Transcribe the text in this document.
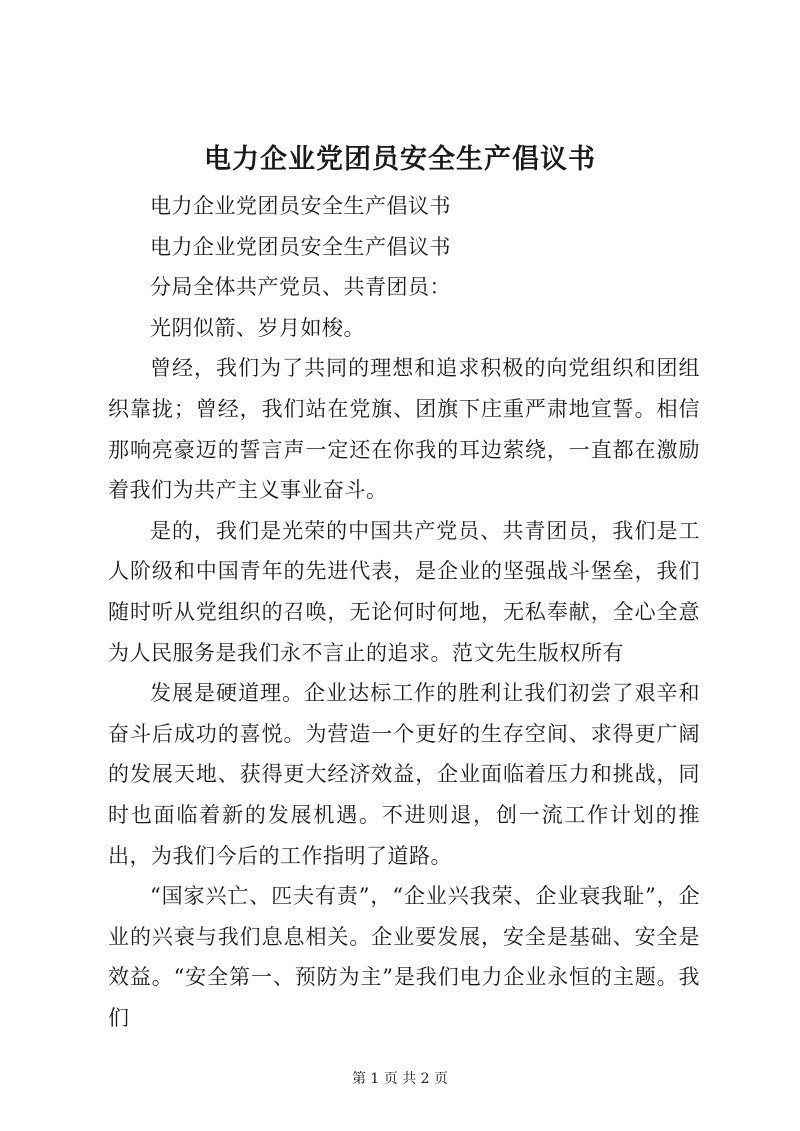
电力企业党团员安全生产倡议书

电力企业党团员安全生产倡议书

电力企业党团员安全生产倡议书

分局全体共产党员、共青团员：

光阴似箭、岁月如梭。

曾经，我们为了共同的理想和追求积极的向党组织和团组织靠拢；曾经，我们站在党旗、团旗下庄重严肃地宣誓。相信那响亮豪迈的誓言声一定还在你我的耳边萦绕，一直都在激励着我们为共产主义事业奋斗。

是的，我们是光荣的中国共产党员、共青团员，我们是工人阶级和中国青年的先进代表，是企业的坚强战斗堡垒，我们随时听从党组织的召唤，无论何时何地，无私奉献，全心全意为人民服务是我们永不言止的追求。范文先生版权所有

发展是硬道理。企业达标工作的胜利让我们初尝了艰辛和奋斗后成功的喜悦。为营造一个更好的生存空间、求得更广阔的发展天地、获得更大经济效益，企业面临着压力和挑战，同时也面临着新的发展机遇。不进则退，创一流工作计划的推出，为我们今后的工作指明了道路。

“国家兴亡、匹夫有责”，“企业兴我荣、企业衰我耻”，企业的兴衰与我们息息相关。企业要发展，安全是基础、安全是效益。“安全第一、预防为主”是我们电力企业永恒的主题。我们

第 1 页 共 2 页
